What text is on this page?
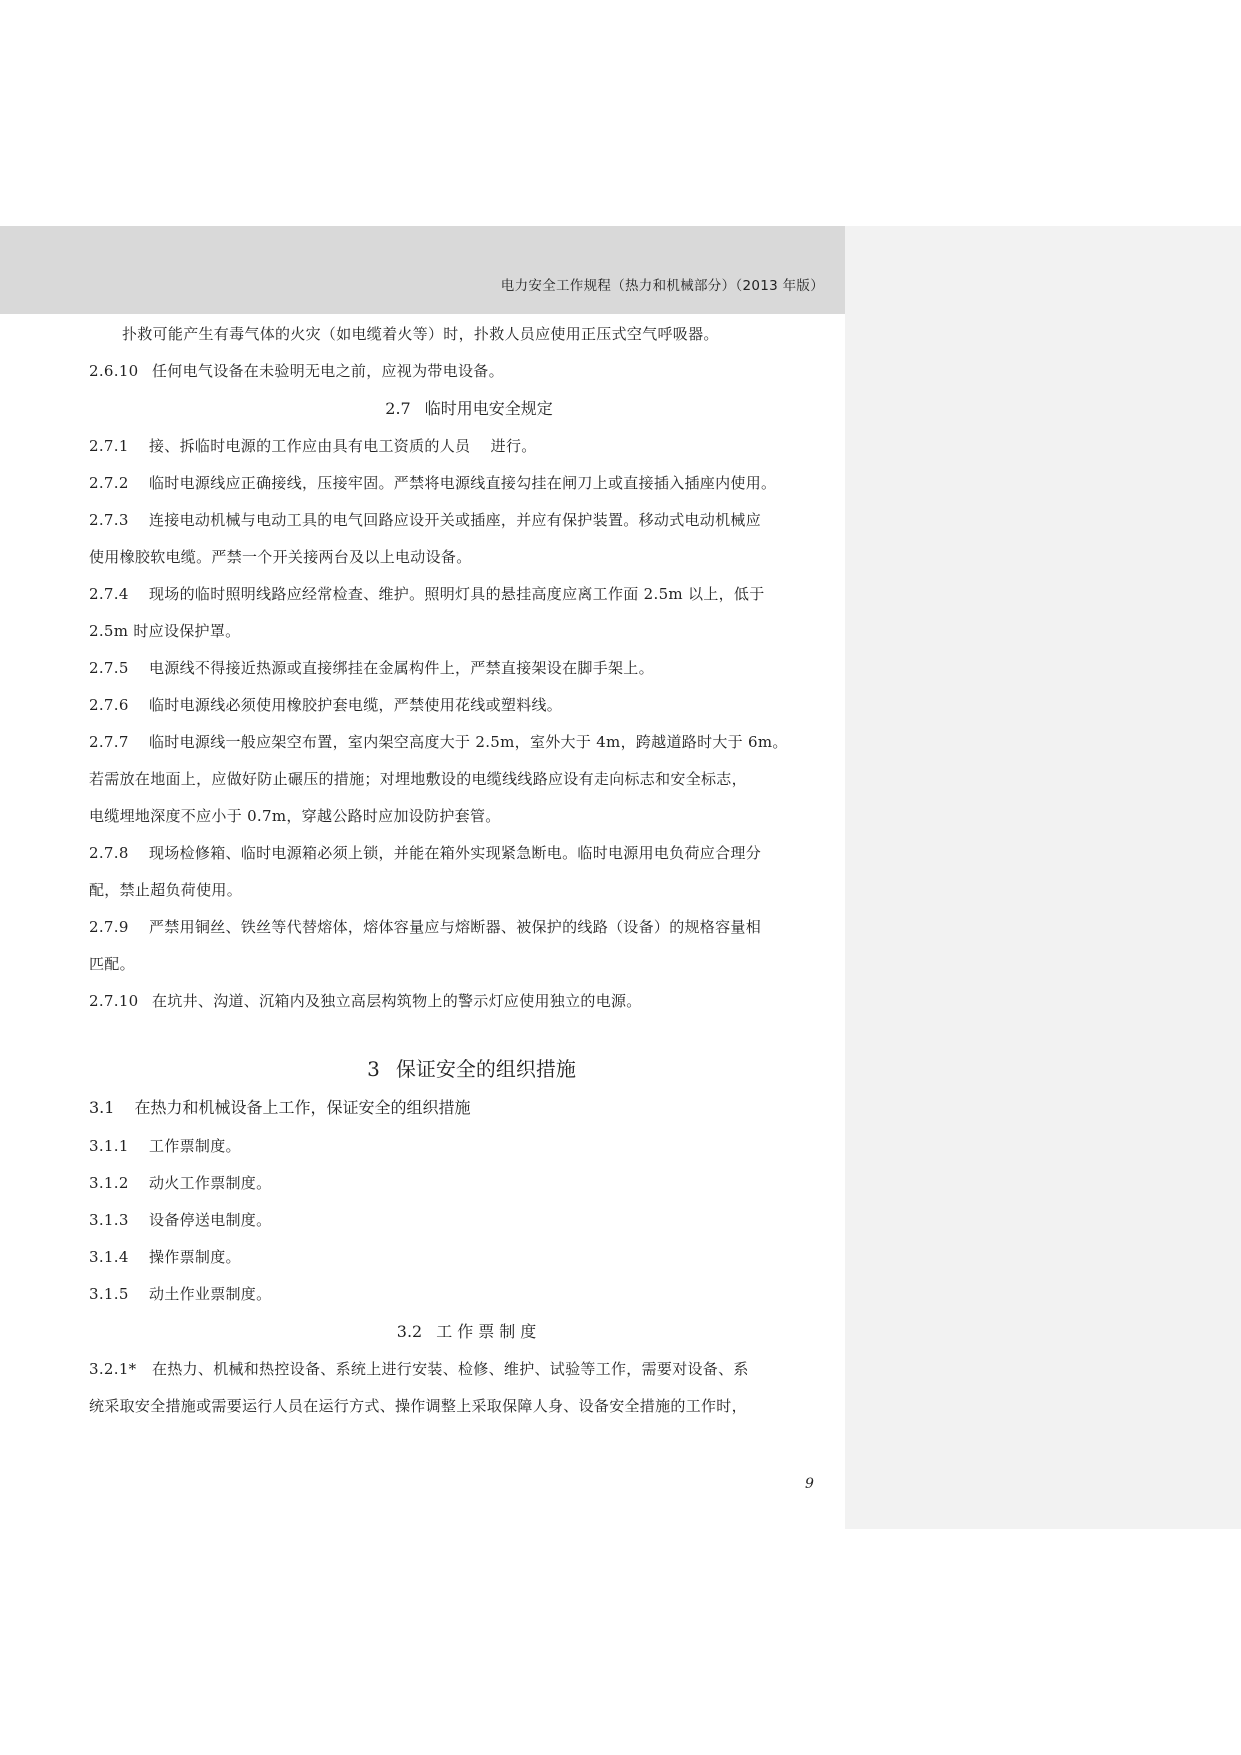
电力安全工作规程（热力和机械部分）（2013 年版）
扑救可能产生有毒气体的火灾（如电缆着火等）时，扑救人员应使用正压式空气呼吸器。
2.6.10 任何电气设备在未验明无电之前，应视为带电设备。
2.7 临时用电安全规定
2.7.1 接、拆临时电源的工作应由具有电工资质的人员　 进行。
2.7.2 临时电源线应正确接线，压接牢固。严禁将电源线直接勾挂在闸刀上或直接插入插座内使用。
2.7.3 连接电动机械与电动工具的电气回路应设开关或插座，并应有保护装置。移动式电动机械应
使用橡胶软电缆。严禁一个开关接两台及以上电动设备。
2.7.4 现场的临时照明线路应经常检查、维护。照明灯具的悬挂高度应离工作面 2.5m 以上，低于
2.5m 时应设保护罩。
2.7.5 电源线不得接近热源或直接绑挂在金属构件上，严禁直接架设在脚手架上。
2.7.6 临时电源线必须使用橡胶护套电缆，严禁使用花线或塑料线。
2.7.7 临时电源线一般应架空布置，室内架空高度大于 2.5m，室外大于 4m，跨越道路时大于 6m。
若需放在地面上，应做好防止碾压的措施；对埋地敷设的电缆线线路应设有走向标志和安全标志，
电缆埋地深度不应小于 0.7m，穿越公路时应加设防护套管。
2.7.8 现场检修箱、临时电源箱必须上锁，并能在箱外实现紧急断电。临时电源用电负荷应合理分
配，禁止超负荷使用。
2.7.9 严禁用铜丝、铁丝等代替熔体，熔体容量应与熔断器、被保护的线路（设备）的规格容量相
匹配。
2.7.10 在坑井、沟道、沉箱内及独立高层构筑物上的警示灯应使用独立的电源。
3 保证安全的组织措施
3.1 在热力和机械设备上工作，保证安全的组织措施
3.1.1 工作票制度。
3.1.2 动火工作票制度。
3.1.3 设备停送电制度。
3.1.4 操作票制度。
3.1.5 动土作业票制度。
3.2 工作票制度
3.2.1* 在热力、机械和热控设备、系统上进行安装、检修、维护、试验等工作，需要对设备、系
统采取安全措施或需要运行人员在运行方式、操作调整上采取保障人身、设备安全措施的工作时，
9
